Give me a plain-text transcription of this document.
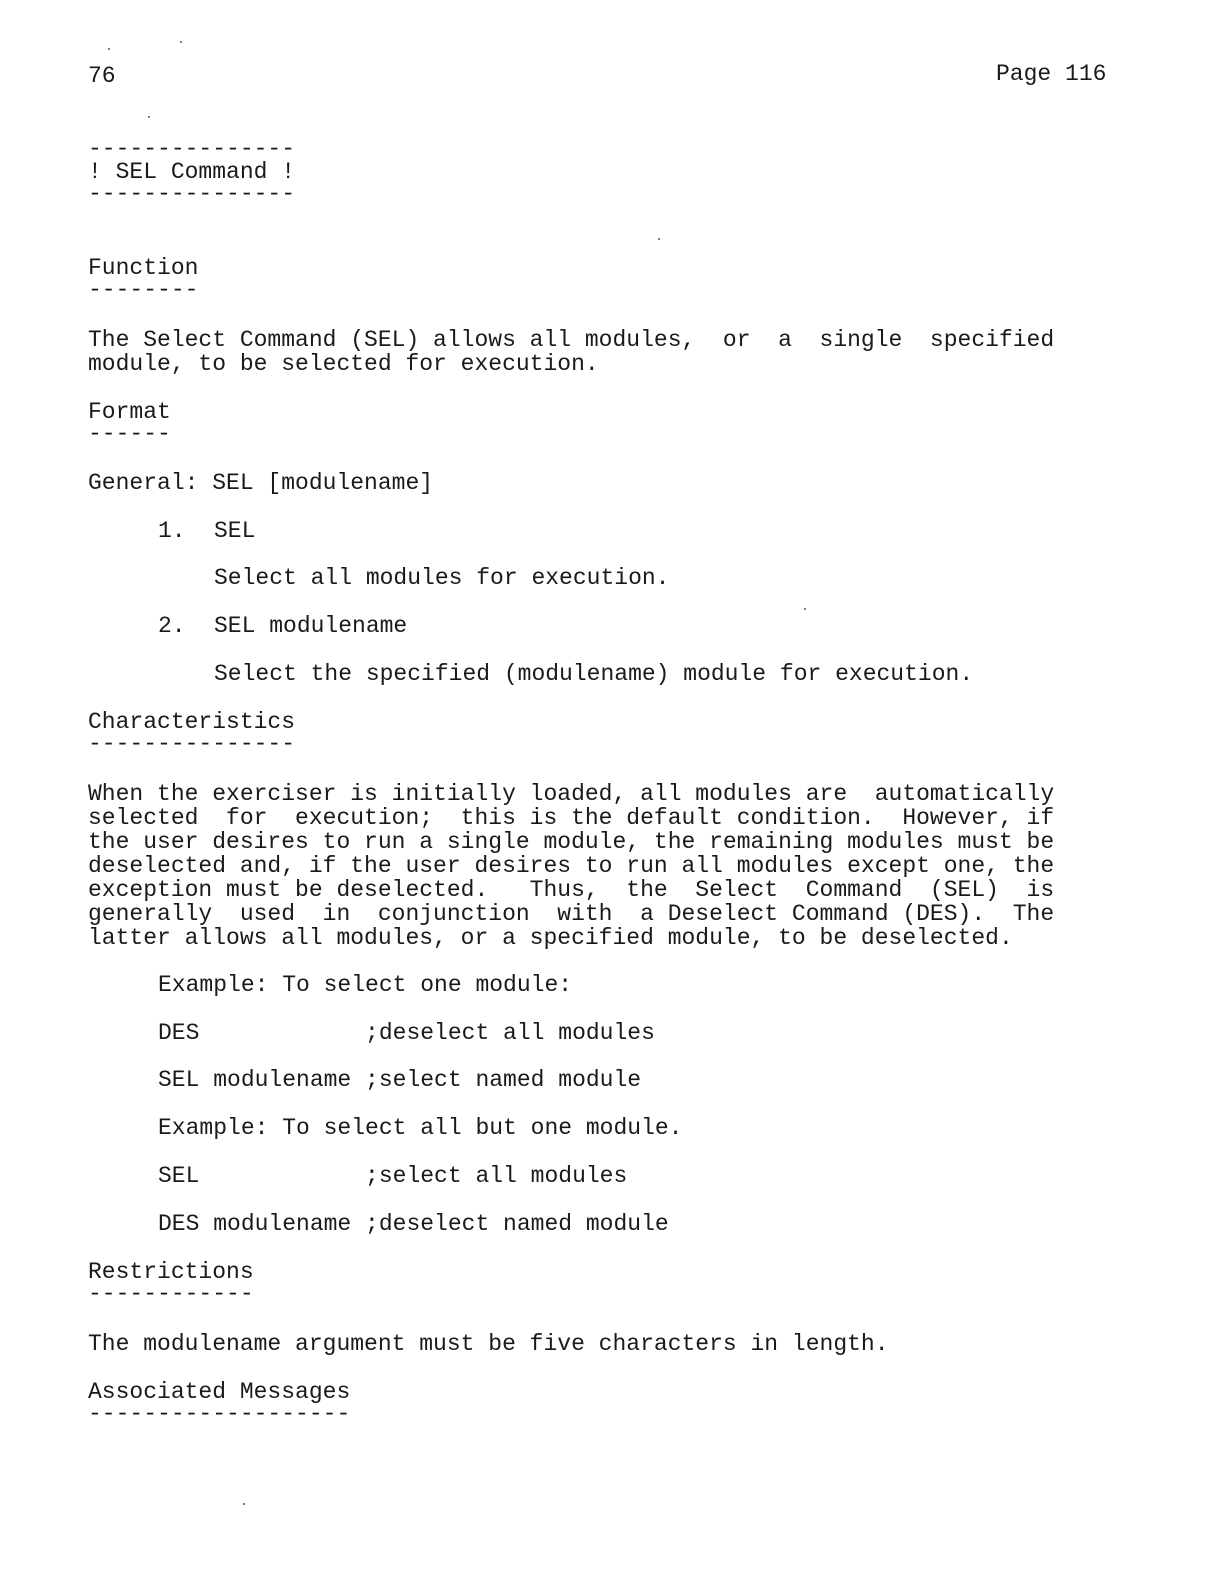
76	Page 116
---------------
! SEL Command !
---------------
Function
--------
The Select Command (SEL) allows all modules,  or  a  single  specified
module, to be selected for execution.
Format
------
General: SEL [modulename]
1. SEL
Select all modules for execution.
2. SEL modulename
Select the specified (modulename) module for execution.
Characteristics
---------------
When the exerciser is initially loaded, all modules are  automatically
selected  for  execution;  this is the default condition.  However, if
the user desires to run a single module, the remaining modules must be
deselected and, if the user desires to run all modules except one, the
exception must be deselected.   Thus,  the  Select  Command  (SEL)  is
generally  used  in  conjunction  with  a Deselect Command (DES).  The
latter allows all modules, or a specified module, to be deselected.
Example: To select one module:
DES            ;deselect all modules
SEL modulename ;select named module
Example: To select all but one module.
SEL            ;select all modules
DES modulename ;deselect named module
Restrictions
------------
The modulename argument must be five characters in length.
Associated Messages
-------------------
